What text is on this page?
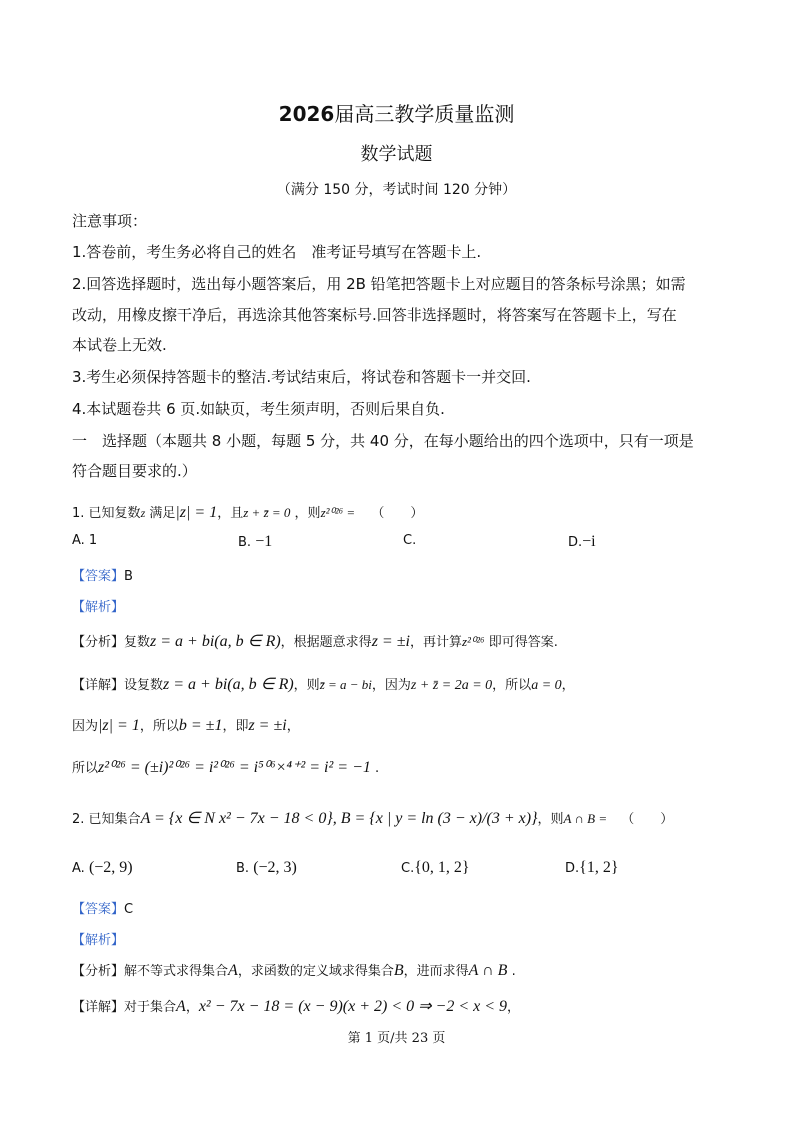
2026届高三教学质量监测
数学试题
（满分 150 分，考试时间 120 分钟）
注意事项：
1.答卷前，考生务必将自己的姓名　准考证号填写在答题卡上.
2.回答选择题时，选出每小题答案后，用 2B 铅笔把答题卡上对应题目的答条标号涂黑；如需
改动，用橡皮擦干净后，再选涂其他答案标号.回答非选择题时，将答案写在答题卡上，写在
本试卷上无效.
3.考生必须保持答题卡的整洁.考试结束后，将试卷和答题卡一并交回.
4.本试题卷共 6 页.如缺页，考生须声明，否则后果自负.
一　选择题（本题共 8 小题，每题 5 分，共 40 分，在每小题给出的四个选项中，只有一项是
符合题目要求的.）
1. 已知复数z 满足|z| = 1，且z + z̄ = 0 ，则z²⁰²⁶ = （　　）
A. 1	B. −1	C.	D.−i
【答案】B
【解析】
【分析】复数z = a + bi(a, b ∈ R)，根据题意求得z = ±i，再计算z²⁰²⁶ 即可得答案.
【详解】设复数z = a + bi(a, b ∈ R)，则z̄ = a − bi，因为z + z̄ = 2a = 0，所以a = 0，
因为|z| = 1，所以b = ±1，即z = ±i，
所以z²⁰²⁶ = (±i)²⁰²⁶ = i²⁰²⁶ = i⁵⁰⁶×⁴⁺² = i² = −1 .
2. 已知集合A = {x ∈ N x² − 7x − 18 < 0}, B = {x | y = ln (3 − x)/(3 + x)}，则A ∩ B = （　　）
A. (−2, 9)	B. (−2, 3)	C.{0, 1, 2}	D.{1, 2}
【答案】C
【解析】
【分析】解不等式求得集合A，求函数的定义域求得集合B，进而求得A ∩ B .
【详解】对于集合A，x² − 7x − 18 = (x − 9)(x + 2) < 0 ⇒ −2 < x < 9，
第 1 页/共 23 页
